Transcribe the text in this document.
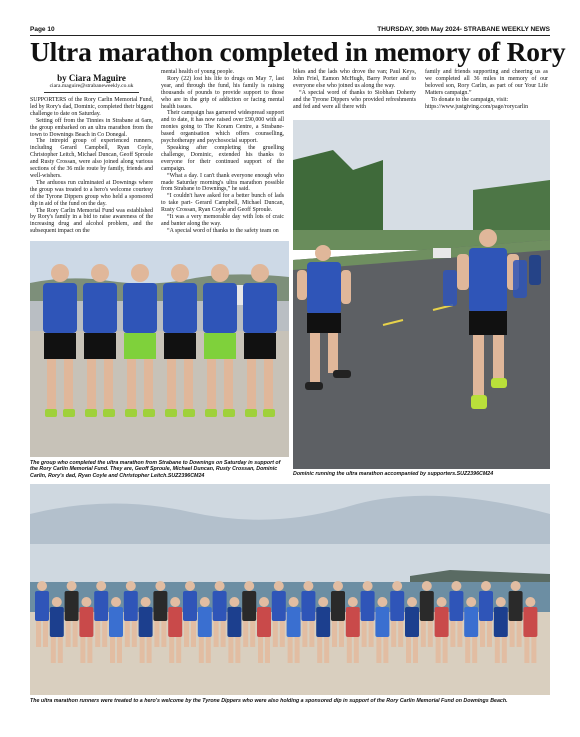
Page 10	THURSDAY, 30th May 2024- STRABANE WEEKLY NEWS
Ultra marathon completed in memory of Rory
by Ciara Maguire
ciara.maguire@strabaneweekly.co.uk

SUPPORTERS of the Rory Carlin Memorial Fund, led by Rory's dad, Dominic, completed their biggest challenge to date on Saturday.

Setting off from the Tinnies in Strabane at 6am, the group embarked on an ultra marathon from the town to Downings Beach in Co Donegal.

The intrepid group of experienced runners, including Gerard Campbell, Ryan Coyle, Christopher Leitch, Michael Duncan, Geoff Sproule and Rusty Crossan, were also joined along various sections of the 36 mile route by family, friends and well-wishers.

The arduous run culminated at Downings where the group was treated to a hero's welcome courtesy of the Tyrone Dippers group who held a sponsored dip in aid of the fund on the day.

The Rory Carlin Memorial Fund was established by Rory's family in a bid to raise awareness of the increasing drug and alcohol problem, and the subsequent impact on the

mental health of young people.

Rory (22) lost his life to drugs on May 7, last year, and through the fund, his family is raising thousands of pounds to provide support to those who are in the grip of addiction or facing mental health issues.

Their campaign has garnered widespread support and to date, it has now raised over £90,000 with all monies going to The Koram Centre, a Strabane-based organisation which offers counselling, psychotherapy and psychosocial support.

Speaking after completing the gruelling challenge, Dominic, extended his thanks to everyone for their continued support of the campaign.

“What a day. I can't thank everyone enough who made Saturday morning's ultra marathon possible from Strabane to Downings,” he said.

“I couldn't have asked for a better bunch of lads to take part- Gerard Campbell, Michael Duncan, Rusty Crossan, Ryan Coyle and Geoff Sproule.

“It was a very memorable day with lots of craic and banter along the way.

“A special word of thanks to the safety team on

bikes and the lads who drove the van; Paul Keys, John Friel, Eamon McHugh, Barry Porter and to everyone else who joined us along the way.

“A special word of thanks to Siobhan Doherty and the Tyrone Dippers who provided refreshments and fed and were all there with

family and friends supporting and cheering us as we completed all 36 miles in memory of our beloved son, Rory Carlin, as part of our Your Life Matters campaign.”

To donate to the campaign, visit:

https://www.justgiving.com/page/rorycarlin

The group who completed the ultra marathon from Strabane to Downings on Saturday in support of the Rory Carlin Memorial Fund. They are, Geoff Sproule, Michael Duncan, Rusty Crossan, Dominic Carlin, Rory's dad, Ryan Coyle and Christopher Leitch.SUZ2396CM24	Dominic running the ultra marathon accompanied by supporters.SUZ2396CM24
The ultra marathon runners were treated to a hero's welcome by the Tyrone Dippers who were also holding a sponsored dip in support of the Rory Carlin Memorial Fund on Downings Beach.
